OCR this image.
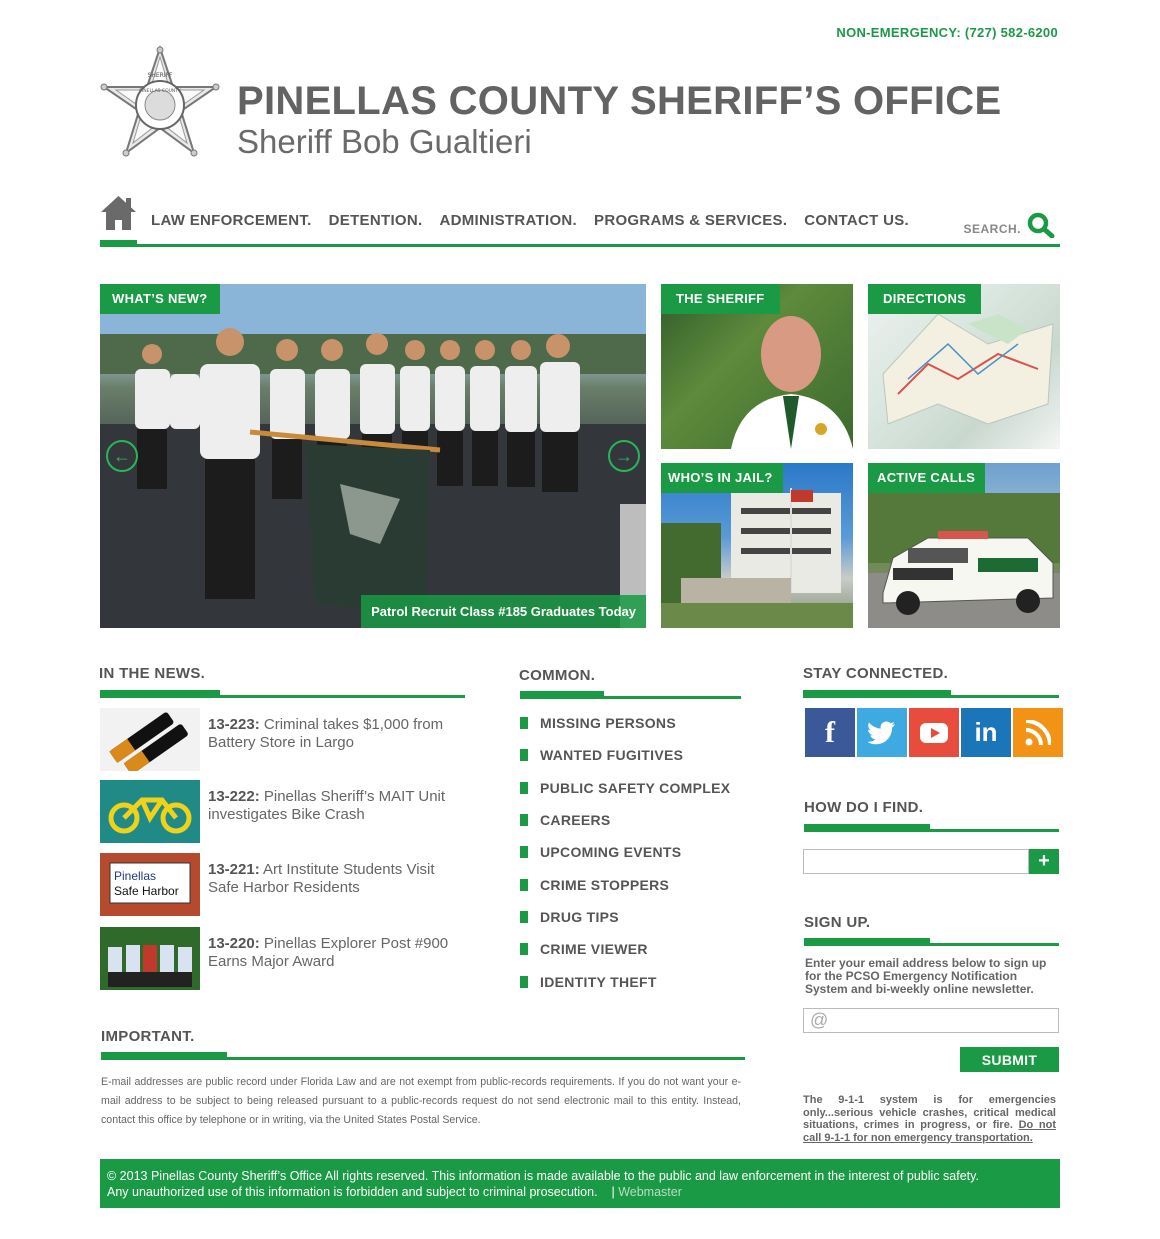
NON-EMERGENCY: (727) 582-6200
SHERIFF
PINELLAS COUNTY PINELLAS COUNTY SHERIFF’S OFFICE
Sheriff Bob Gualtieri
LAW ENFORCEMENT. DETENTION. ADMINISTRATION. PROGRAMS & SERVICES. CONTACT US.	SEARCH.
WHAT’S NEW?
←	→
Patrol Recruit Class #185 Graduates Today
THE SHERIFF	DIRECTIONS
WHO’S IN JAIL?	ACTIVE CALLS
IN THE NEWS.
13-223: Criminal takes $1,000 from Battery Store in Largo
13-222: Pinellas Sheriff’s MAIT Unit investigates Bike Crash
Pinellas
Safe Harbor
13-221: Art Institute Students Visit Safe Harbor Residents
13-220: Pinellas Explorer Post #900 Earns Major Award
COMMON.
MISSING PERSONS
WANTED FUGITIVES
PUBLIC SAFETY COMPLEX
CAREERS
UPCOMING EVENTS
CRIME STOPPERS
DRUG TIPS
CRIME VIEWER
IDENTITY THEFT
STAY CONNECTED.
f	in
HOW DO I FIND.
+
SIGN UP.
Enter your email address below to sign up for the PCSO Emergency Notification System and bi-weekly online newsletter.
@
SUBMIT
The 9-1-1 system is for emergencies only...serious vehicle crashes, critical medical situations, crimes in progress, or fire. Do not call 9-1-1 for non emergency transportation.
IMPORTANT.
E-mail addresses are public record under Florida Law and are not exempt from public-records requirements. If you do not want your e-mail address to be subject to being released pursuant to a public-records request do not send electronic mail to this entity. Instead, contact this office by telephone or in writing, via the United States Postal Service.
© 2013 Pinellas County Sheriff’s Office All rights reserved. This information is made available to the public and law enforcement in the interest of public safety.
Any unauthorized use of this information is forbidden and subject to criminal prosecution. | Webmaster
